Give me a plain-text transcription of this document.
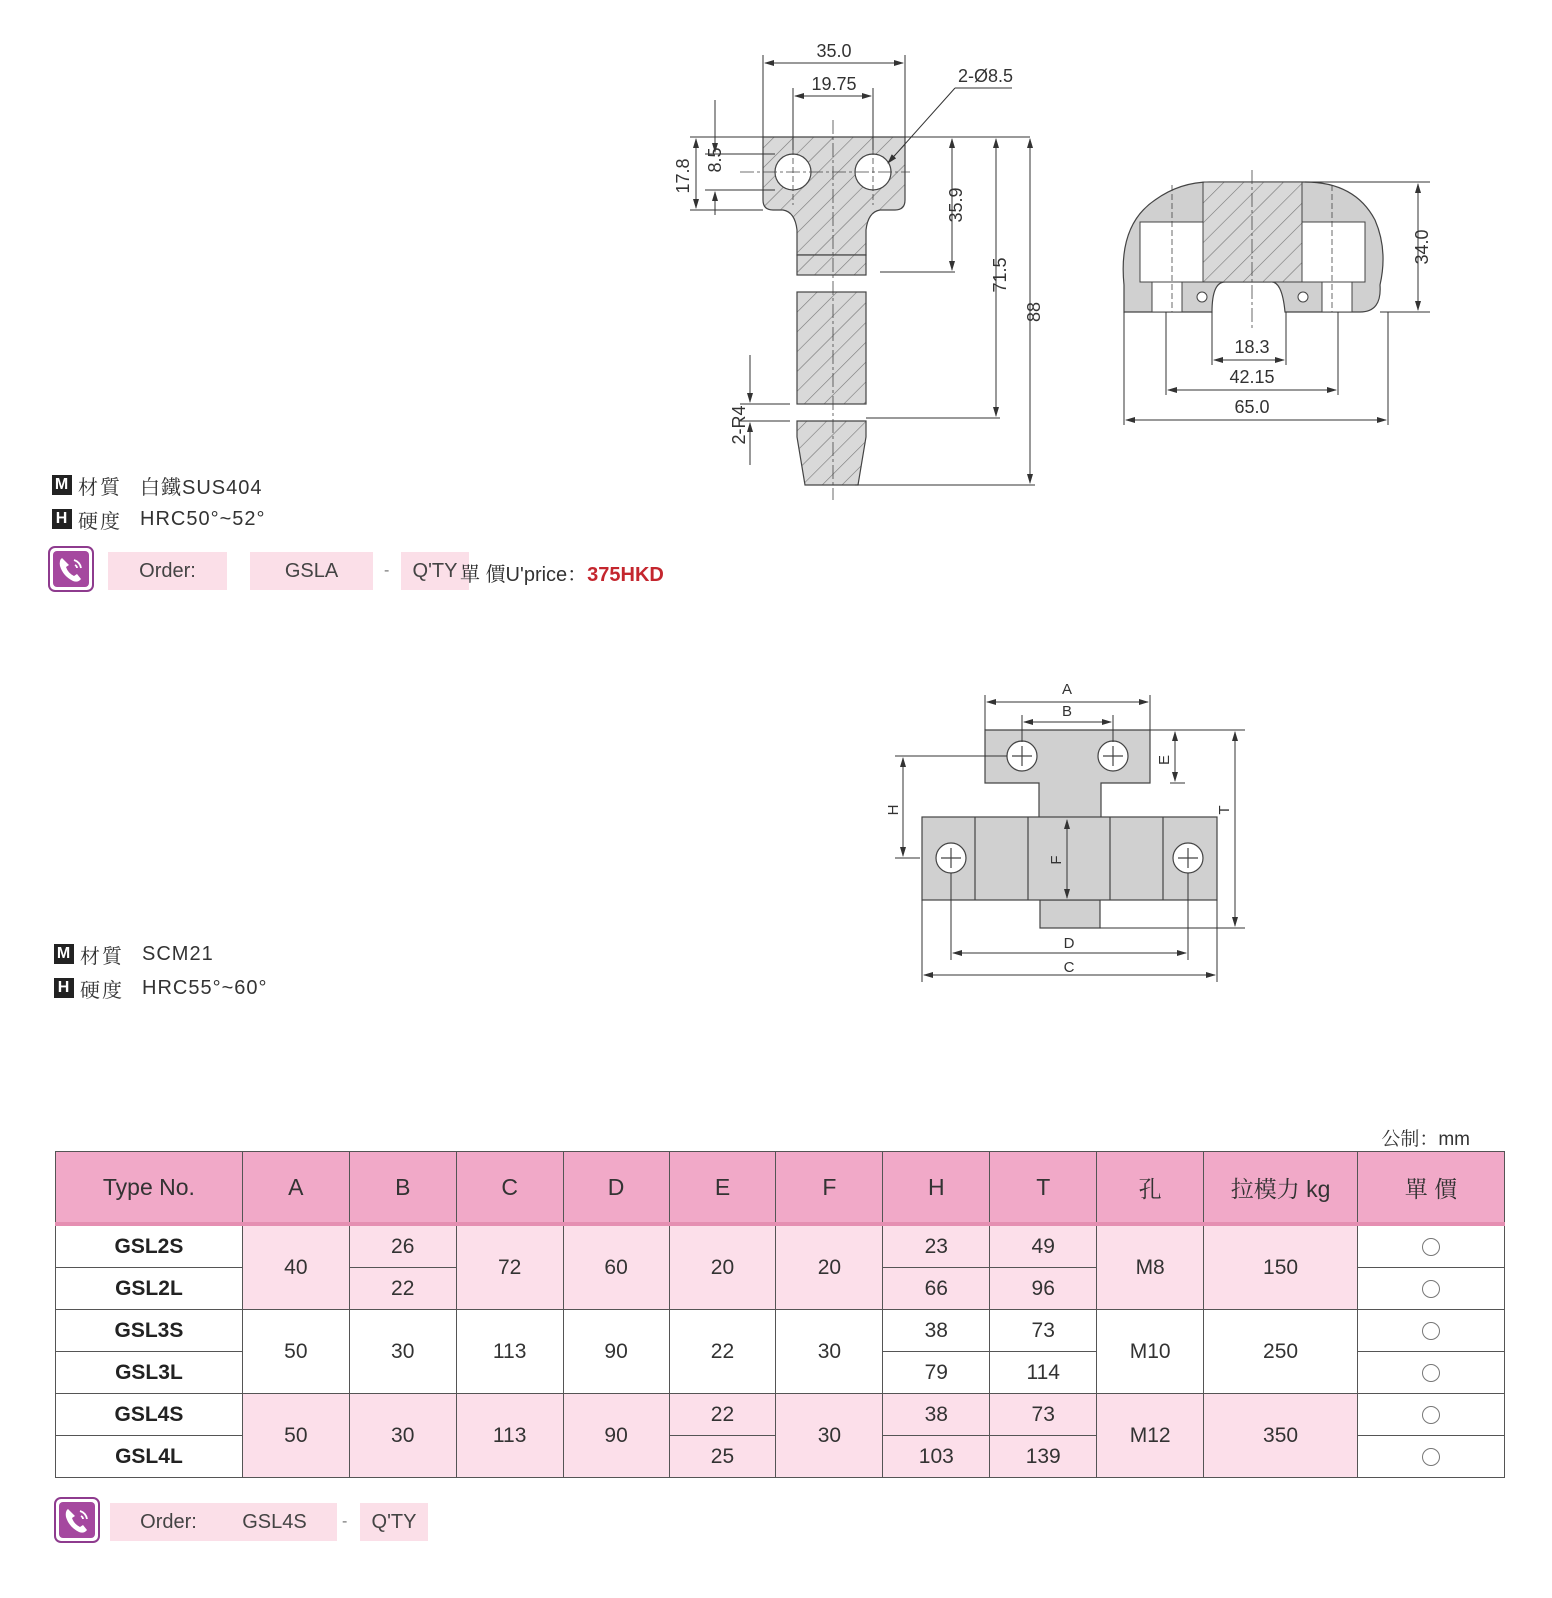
35.0
19.75	2-Ø8.5
17.8 8.5
35.9
71.5
88
2-R4
34.0
18.3
42.15
65.0
M 材質 白鐵SUS404
H 硬度 HRC50°~52°
Order:	GSLA	-	Q'TY 單 價U'price：375HKD
A
B
E
H	T
F
D
C
M 材質 SCM21
H 硬度 HRC55°~60°
公制：mm
Type No.	A	B	C	D	E	F	H	T	孔	拉模力 kg	單 價
GSL2S	40	26	72	60	20	20	23	49	M8	150	
GSL2L		22					66	96			
GSL3S	50	30	113	90	22	30	38	73	M10	250	
GSL3L							79	114			
GSL4S	50	30	113	90	22	30	38	73	M12	350	
GSL4L					25		103	139			
Order:	GSL4S	-	Q'TY
